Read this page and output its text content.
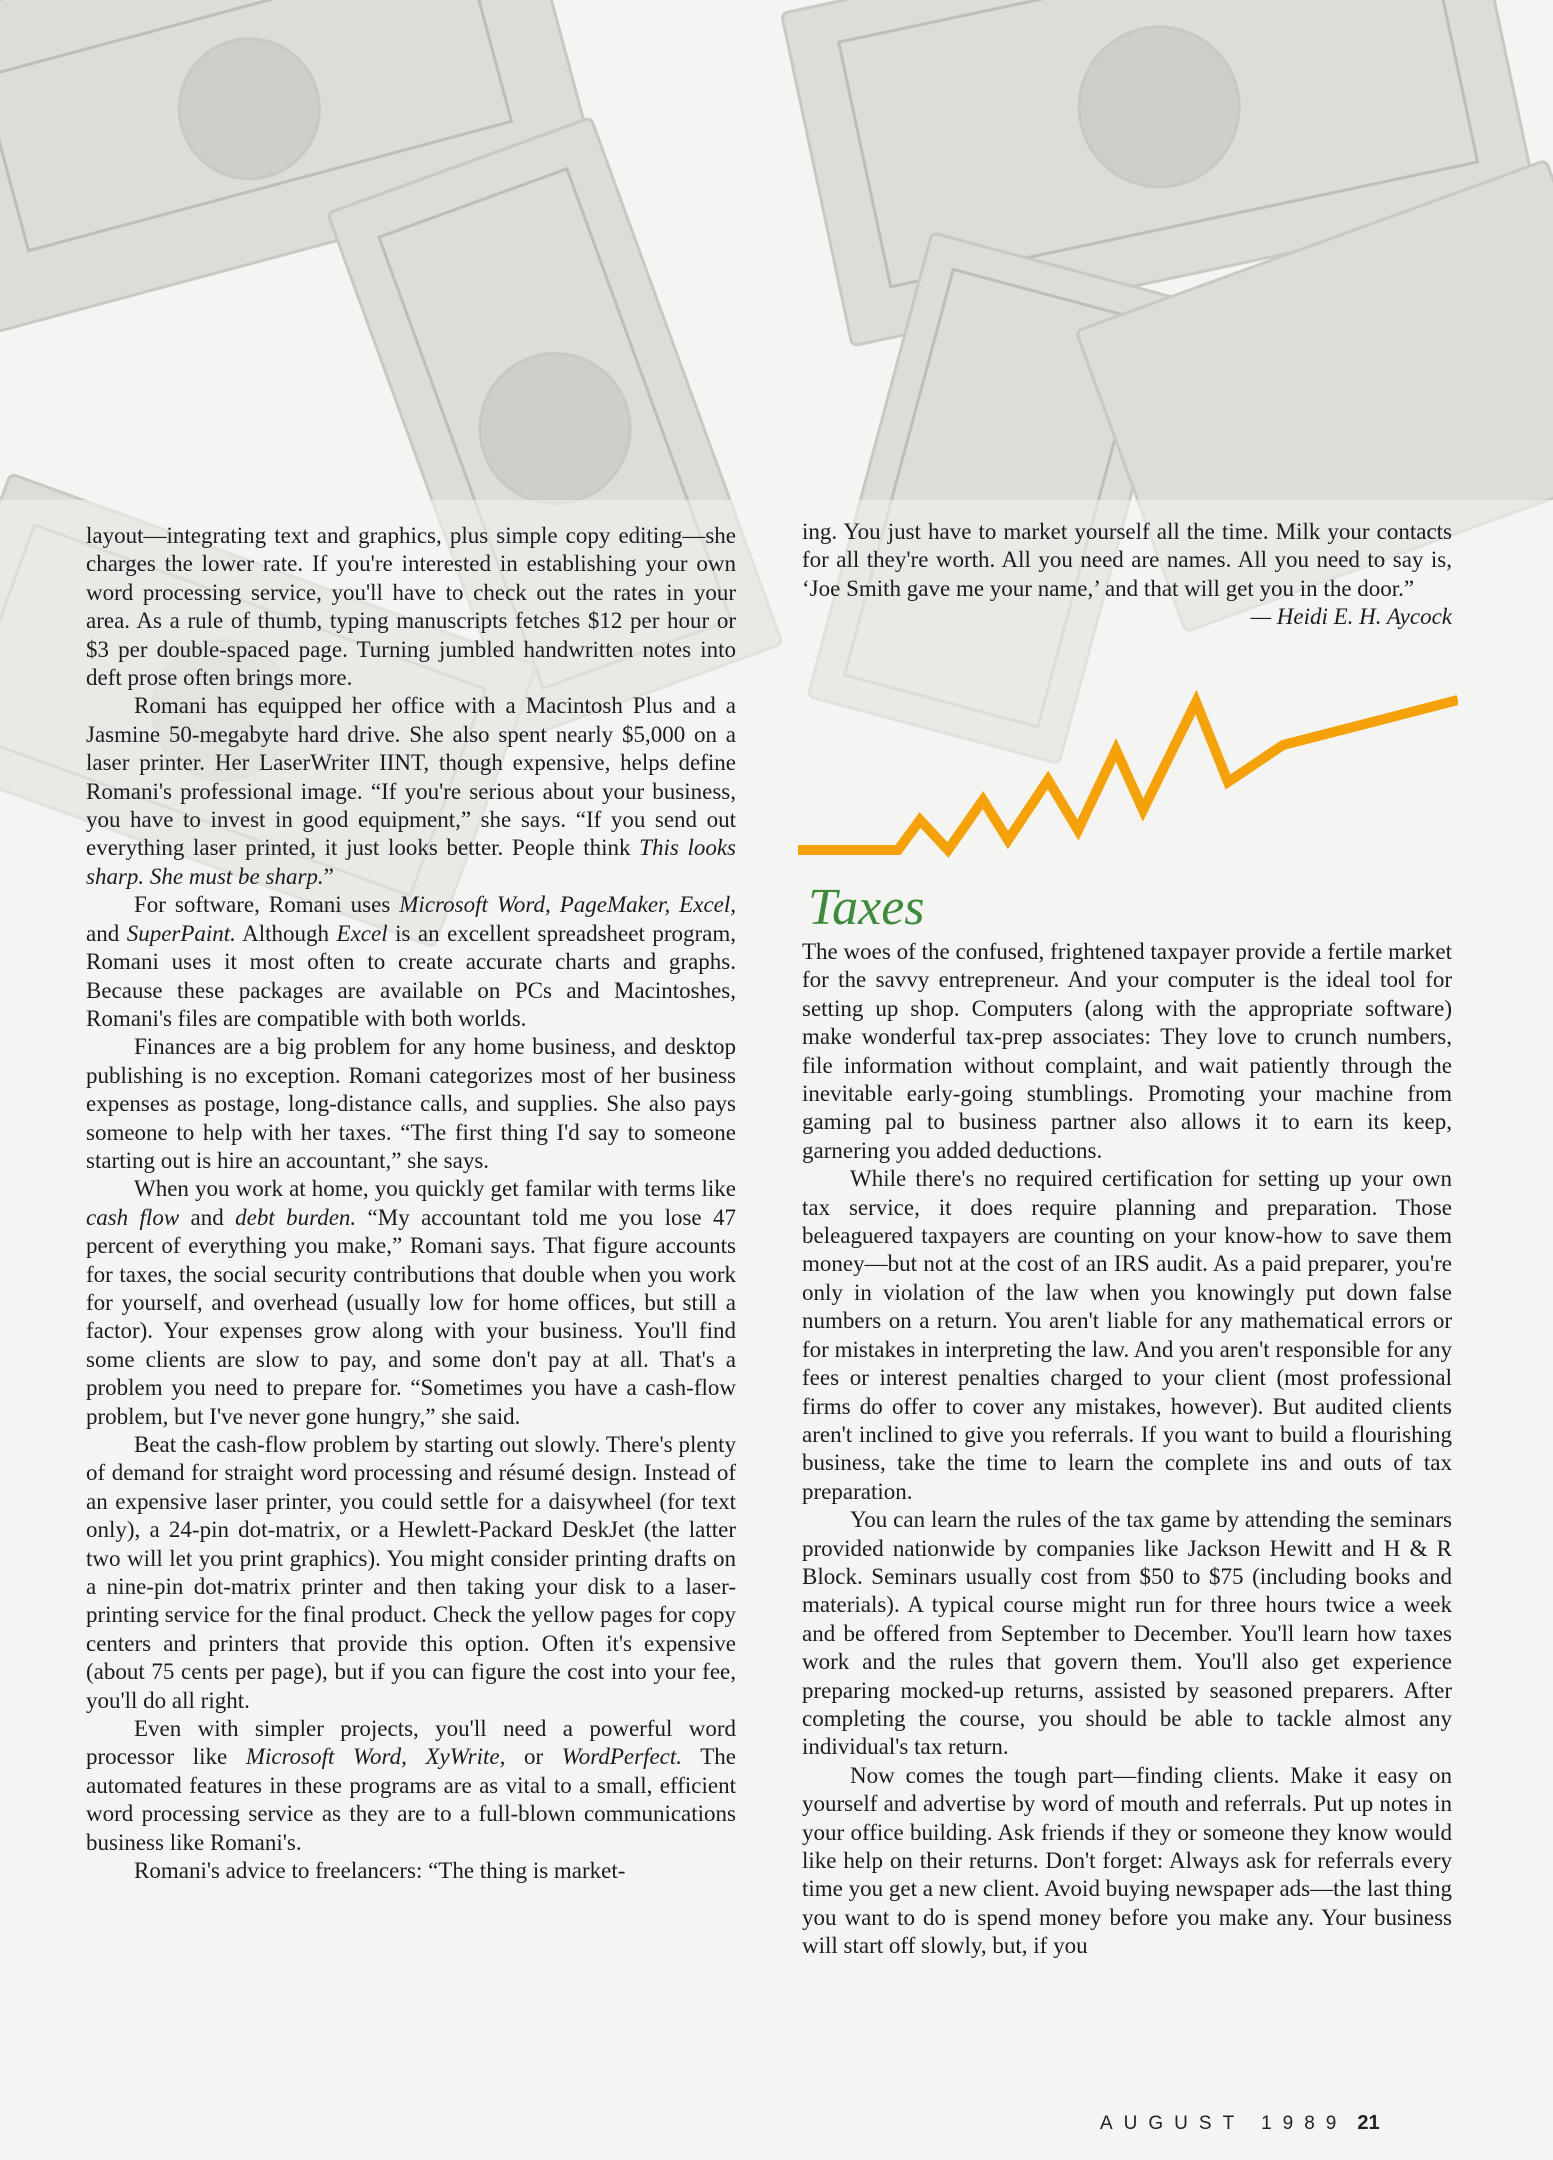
layout—integrating text and graphics, plus simple copy editing—she charges the lower rate. If you're interested in establishing your own word processing service, you'll have to check out the rates in your area. As a rule of thumb, typing manuscripts fetches $12 per hour or $3 per double-spaced page. Turning jumbled handwritten notes into deft prose often brings more.

Romani has equipped her office with a Macintosh Plus and a Jasmine 50-megabyte hard drive. She also spent nearly $5,000 on a laser printer. Her LaserWriter IINT, though expensive, helps define Romani's professional image. “If you're serious about your business, you have to invest in good equipment,” she says. “If you send out everything laser printed, it just looks better. People think This looks sharp. She must be sharp.”

For software, Romani uses Microsoft Word, PageMaker, Excel, and SuperPaint. Although Excel is an excellent spreadsheet program, Romani uses it most often to create accurate charts and graphs. Because these packages are available on PCs and Macintoshes, Romani's files are compatible with both worlds.

Finances are a big problem for any home business, and desktop publishing is no exception. Romani categorizes most of her business expenses as postage, long-distance calls, and supplies. She also pays someone to help with her taxes. “The first thing I'd say to someone starting out is hire an accountant,” she says.

When you work at home, you quickly get familar with terms like cash flow and debt burden. “My accountant told me you lose 47 percent of everything you make,” Romani says. That figure accounts for taxes, the social security contributions that double when you work for yourself, and overhead (usually low for home offices, but still a factor). Your expenses grow along with your business. You'll find some clients are slow to pay, and some don't pay at all. That's a problem you need to prepare for. “Sometimes you have a cash-flow problem, but I've never gone hungry,” she said.

Beat the cash-flow problem by starting out slowly. There's plenty of demand for straight word processing and résumé design. Instead of an expensive laser printer, you could settle for a daisywheel (for text only), a 24-pin dot-matrix, or a Hewlett-Packard DeskJet (the latter two will let you print graphics). You might consider printing drafts on a nine-pin dot-matrix printer and then taking your disk to a laser-printing service for the final product. Check the yellow pages for copy centers and printers that provide this option. Often it's expensive (about 75 cents per page), but if you can figure the cost into your fee, you'll do all right.

Even with simpler projects, you'll need a powerful word processor like Microsoft Word, XyWrite, or WordPerfect. The automated features in these programs are as vital to a small, efficient word processing service as they are to a full-blown communications business like Romani's.

Romani's advice to freelancers: “The thing is market-

ing. You just have to market yourself all the time. Milk your contacts for all they're worth. All you need are names. All you need to say is, ‘Joe Smith gave me your name,’ and that will get you in the door.”

— Heidi E. H. Aycock

Taxes

The woes of the confused, frightened taxpayer provide a fertile market for the savvy entrepreneur. And your computer is the ideal tool for setting up shop. Computers (along with the appropriate software) make wonderful tax-prep associates: They love to crunch numbers, file information without complaint, and wait patiently through the inevitable early-going stumblings. Promoting your machine from gaming pal to business partner also allows it to earn its keep, garnering you added deductions.

While there's no required certification for setting up your own tax service, it does require planning and preparation. Those beleaguered taxpayers are counting on your know-how to save them money—but not at the cost of an IRS audit. As a paid preparer, you're only in violation of the law when you knowingly put down false numbers on a return. You aren't liable for any mathematical errors or for mistakes in interpreting the law. And you aren't responsible for any fees or interest penalties charged to your client (most professional firms do offer to cover any mistakes, however). But audited clients aren't inclined to give you referrals. If you want to build a flourishing business, take the time to learn the complete ins and outs of tax preparation.

You can learn the rules of the tax game by attending the seminars provided nationwide by companies like Jackson Hewitt and H & R Block. Seminars usually cost from $50 to $75 (including books and materials). A typical course might run for three hours twice a week and be offered from September to December. You'll learn how taxes work and the rules that govern them. You'll also get experience preparing mocked-up returns, assisted by seasoned preparers. After completing the course, you should be able to tackle almost any individual's tax return.

Now comes the tough part—finding clients. Make it easy on yourself and advertise by word of mouth and referrals. Put up notes in your office building. Ask friends if they or someone they know would like help on their returns. Don't forget: Always ask for referrals every time you get a new client. Avoid buying newspaper ads—the last thing you want to do is spend money before you make any. Your business will start off slowly, but, if you

AUGUST 1989 21
